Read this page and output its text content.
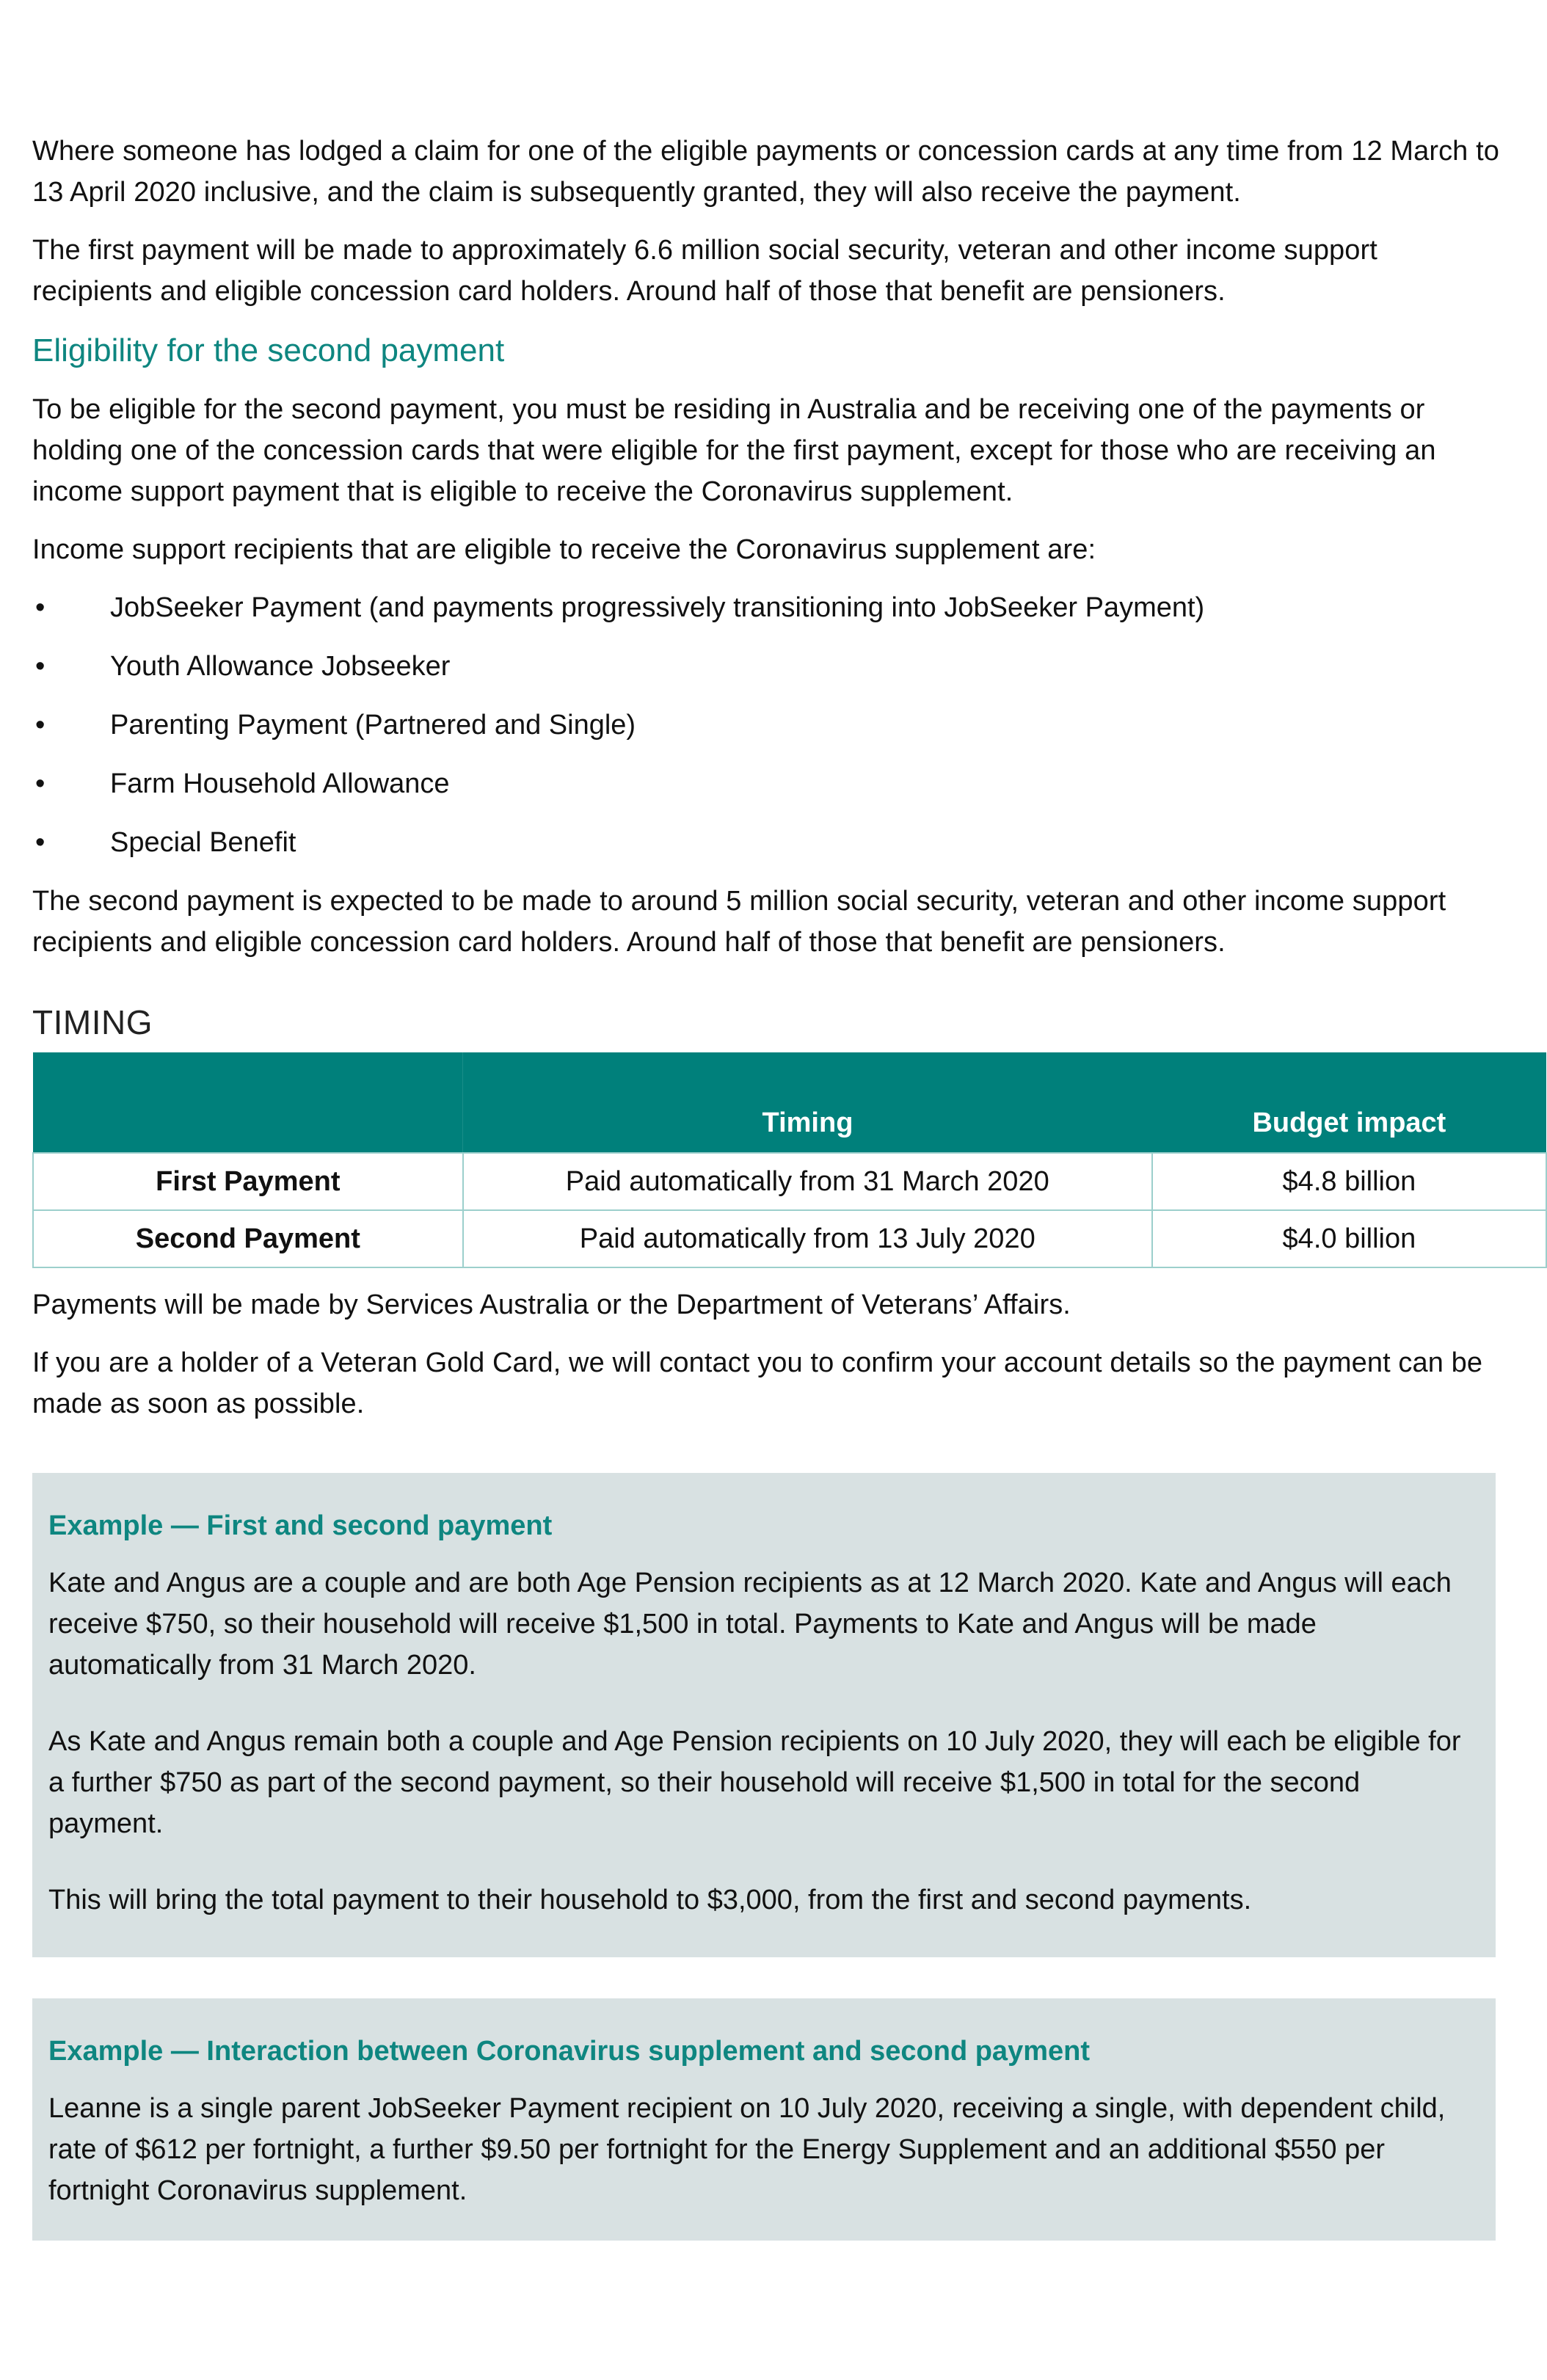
Where someone has lodged a claim for one of the eligible payments or concession cards at any time from 12 March to 13 April 2020 inclusive, and the claim is subsequently granted, they will also receive the payment.

The first payment will be made to approximately 6.6 million social security, veteran and other income support recipients and eligible concession card holders. Around half of those that benefit are pensioners.

Eligibility for the second payment

To be eligible for the second payment, you must be residing in Australia and be receiving one of the payments or holding one of the concession cards that were eligible for the first payment, except for those who are receiving an income support payment that is eligible to receive the Coronavirus supplement.

Income support recipients that are eligible to receive the Coronavirus supplement are:

• JobSeeker Payment (and payments progressively transitioning into JobSeeker Payment)
• Youth Allowance Jobseeker
• Parenting Payment (Partnered and Single)
• Farm Household Allowance
• Special Benefit

The second payment is expected to be made to around 5 million social security, veteran and other income support recipients and eligible concession card holders. Around half of those that benefit are pensioners.

TIMING
	Timing	Budget impact
First Payment	Paid automatically from 31 March 2020	$4.8 billion
Second Payment	Paid automatically from 13 July 2020	$4.0 billion

Payments will be made by Services Australia or the Department of Veterans’ Affairs.

If you are a holder of a Veteran Gold Card, we will contact you to confirm your account details so the payment can be made as soon as possible.

Example — First and second payment

Kate and Angus are a couple and are both Age Pension recipients as at 12 March 2020. Kate and Angus will each receive $750, so their household will receive $1,500 in total. Payments to Kate and Angus will be made automatically from 31 March 2020.

As Kate and Angus remain both a couple and Age Pension recipients on 10 July 2020, they will each be eligible for a further $750 as part of the second payment, so their household will receive $1,500 in total for the second payment.

This will bring the total payment to their household to $3,000, from the first and second payments.

Example — Interaction between Coronavirus supplement and second payment

Leanne is a single parent JobSeeker Payment recipient on 10 July 2020, receiving a single, with dependent child, rate of $612 per fortnight, a further $9.50 per fortnight for the Energy Supplement and an additional $550 per fortnight Coronavirus supplement.
